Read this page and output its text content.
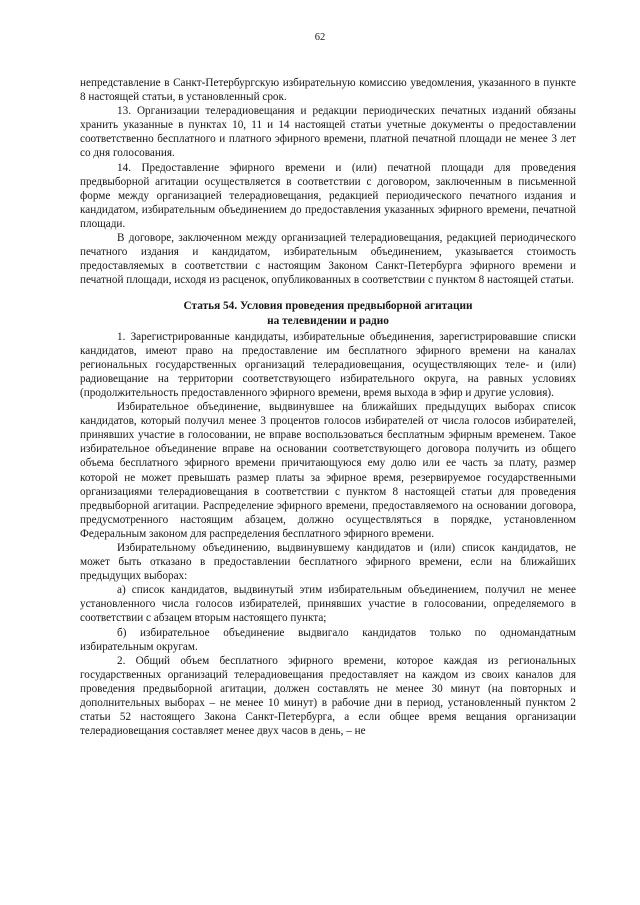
62

непредставление в Санкт-Петербургскую избирательную комиссию уведомления, указанного в пункте 8 настоящей статьи, в установленный срок.

13. Организации телерадиовещания и редакции периодических печатных изданий обязаны хранить указанные в пунктах 10, 11 и 14 настоящей статьи учетные документы о предоставлении соответственно бесплатного и платного эфирного времени, платной печатной площади не менее 3 лет со дня голосования.

14. Предоставление эфирного времени и (или) печатной площади для проведения предвыборной агитации осуществляется в соответствии с договором, заключенным в письменной форме между организацией телерадиовещания, редакцией периодического печатного издания и кандидатом, избирательным объединением до предоставления указанных эфирного времени, печатной площади.

В договоре, заключенном между организацией телерадиовещания, редакцией периодического печатного издания и кандидатом, избирательным объединением, указывается стоимость предоставляемых в соответствии с настоящим Законом Санкт-Петербурга эфирного времени и печатной площади, исходя из расценок, опубликованных в соответствии с пунктом 8 настоящей статьи.

Статья 54. Условия проведения предвыборной агитации
на телевидении и радио

1. Зарегистрированные кандидаты, избирательные объединения, зарегистрировавшие списки кандидатов, имеют право на предоставление им бесплатного эфирного времени на каналах региональных государственных организаций телерадиовещания, осуществляющих теле- и (или) радиовещание на территории соответствующего избирательного округа, на равных условиях (продолжительность предоставленного эфирного времени, время выхода в эфир и другие условия).

Избирательное объединение, выдвинувшее на ближайших предыдущих выборах список кандидатов, который получил менее 3 процентов голосов избирателей от числа голосов избирателей, принявших участие в голосовании, не вправе воспользоваться бесплатным эфирным временем. Такое избирательное объединение вправе на основании соответствующего договора получить из общего объема бесплатного эфирного времени причитающуюся ему долю или ее часть за плату, размер которой не может превышать размер платы за эфирное время, резервируемое государственными организациями телерадиовещания в соответствии с пунктом 8 настоящей статьи для проведения предвыборной агитации. Распределение эфирного времени, предоставляемого на основании договора, предусмотренного настоящим абзацем, должно осуществляться в порядке, установленном Федеральным законом для распределения бесплатного эфирного времени.

Избирательному объединению, выдвинувшему кандидатов и (или) список кандидатов, не может быть отказано в предоставлении бесплатного эфирного времени, если на ближайших предыдущих выборах:

а) список кандидатов, выдвинутый этим избирательным объединением, получил не менее установленного числа голосов избирателей, принявших участие в голосовании, определяемого в соответствии с абзацем вторым настоящего пункта;

б) избирательное объединение выдвигало кандидатов только по одномандатным избирательным округам.

2. Общий объем бесплатного эфирного времени, которое каждая из региональных государственных организаций телерадиовещания предоставляет на каждом из своих каналов для проведения предвыборной агитации, должен составлять не менее 30 минут (на повторных и дополнительных выборах – не менее 10 минут) в рабочие дни в период, установленный пунктом 2 статьи 52 настоящего Закона Санкт-Петербурга, а если общее время вещания организации телерадиовещания составляет менее двух часов в день, – не
